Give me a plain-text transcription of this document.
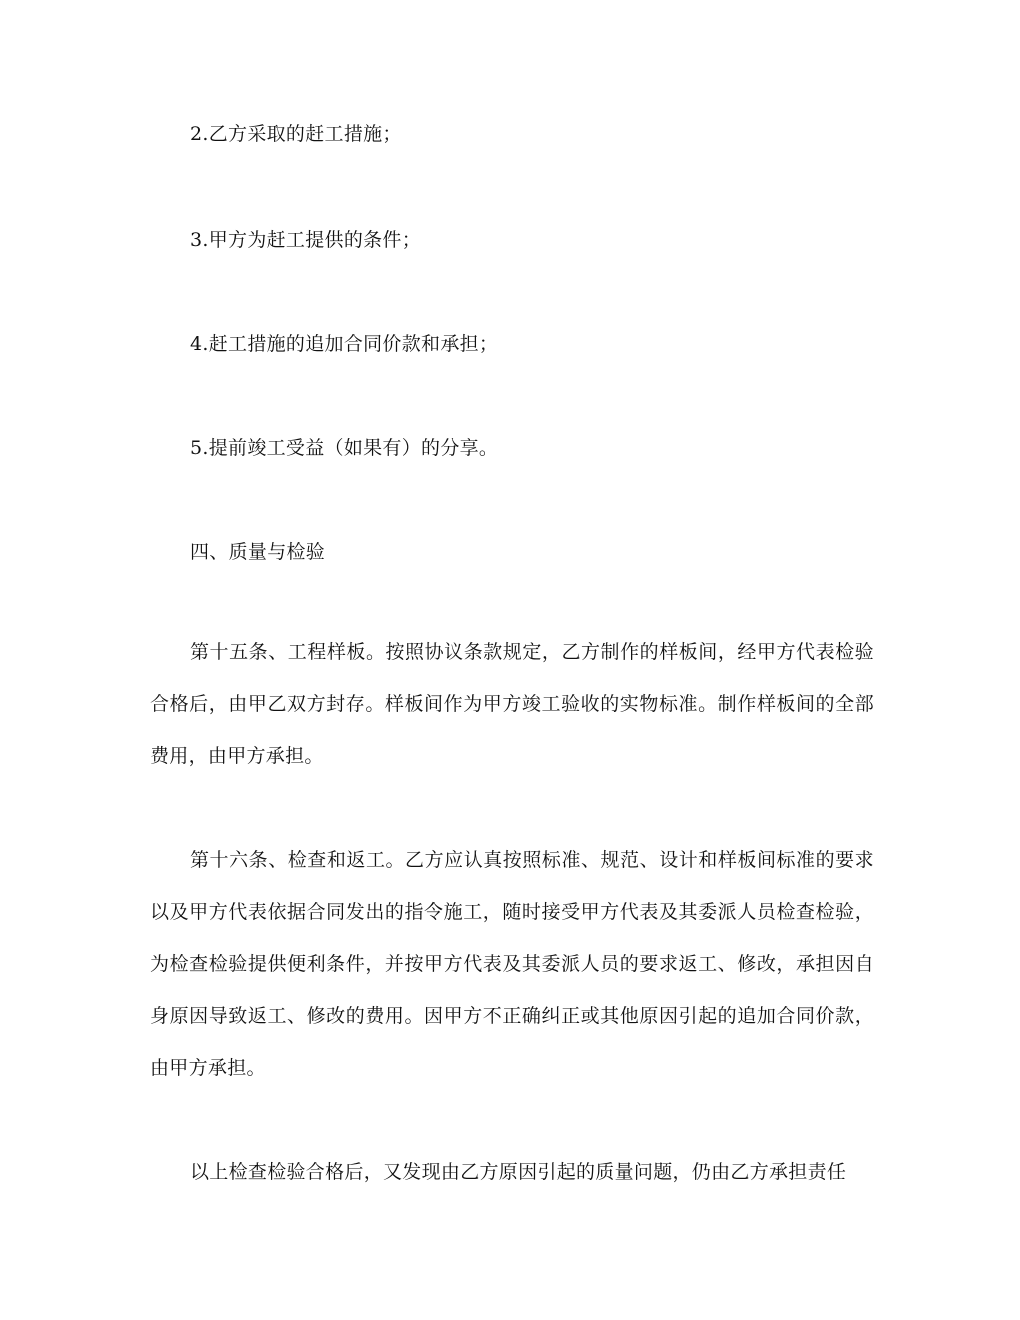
2.乙方采取的赶工措施；
3.甲方为赶工提供的条件；
4.赶工措施的追加合同价款和承担；
5.提前竣工受益（如果有）的分享。
四、质量与检验
第十五条、工程样板。按照协议条款规定，乙方制作的样板间，经甲方代表检验合格后，由甲乙双方封存。样板间作为甲方竣工验收的实物标准。制作样板间的全部费用，由甲方承担。
第十六条、检查和返工。乙方应认真按照标准、规范、设计和样板间标准的要求以及甲方代表依据合同发出的指令施工，随时接受甲方代表及其委派人员检查检验，为检查检验提供便利条件，并按甲方代表及其委派人员的要求返工、修改，承担因自身原因导致返工、修改的费用。因甲方不正确纠正或其他原因引起的追加合同价款，由甲方承担。
以上检查检验合格后，又发现由乙方原因引起的质量问题，仍由乙方承担责任
